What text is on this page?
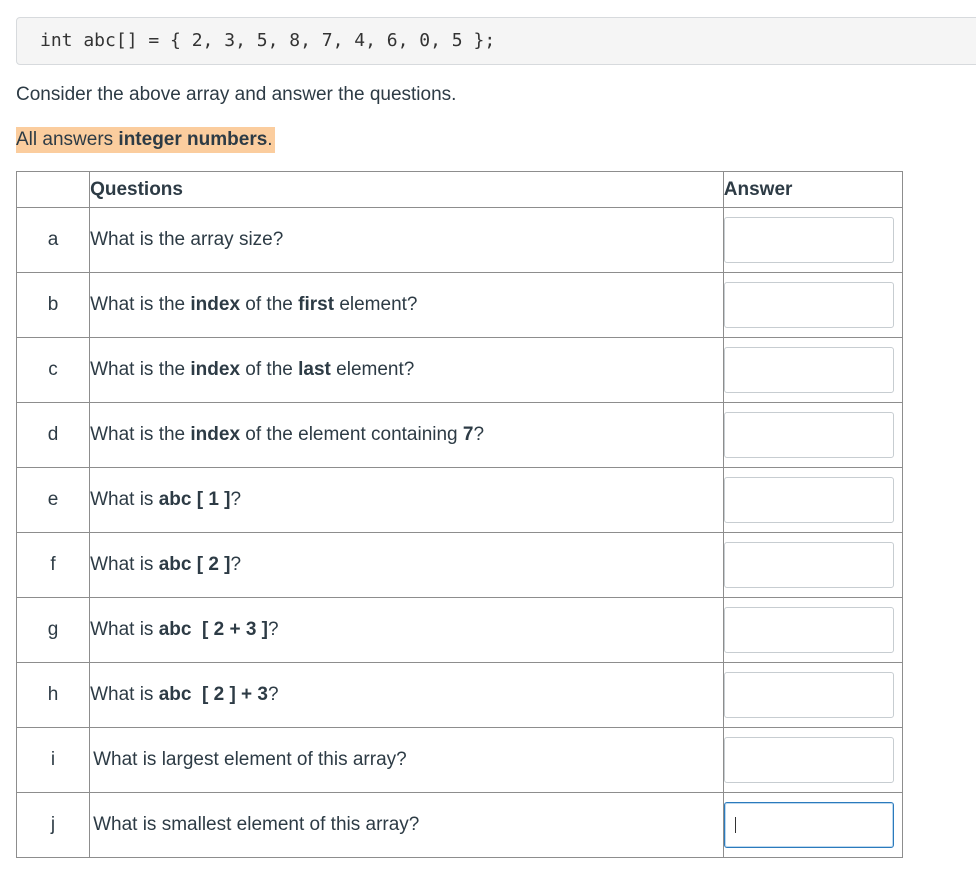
int abc[] = { 2, 3, 5, 8, 7, 4, 6, 0, 5 };
Consider the above array and answer the questions.
All answers integer numbers.
	Questions	Answer
a	What is the array size?	

b	What is the index of the first element?	

c	What is the index of the last element?	

d	What is the index of the element containing 7?	

e	What is abc [ 1 ]?	

f	What is abc [ 2 ]?	

g	What is abc  [ 2 + 3 ]?	

h	What is abc  [ 2 ] + 3?	

i	What is largest element of this array?	

j	What is smallest element of this array?	
